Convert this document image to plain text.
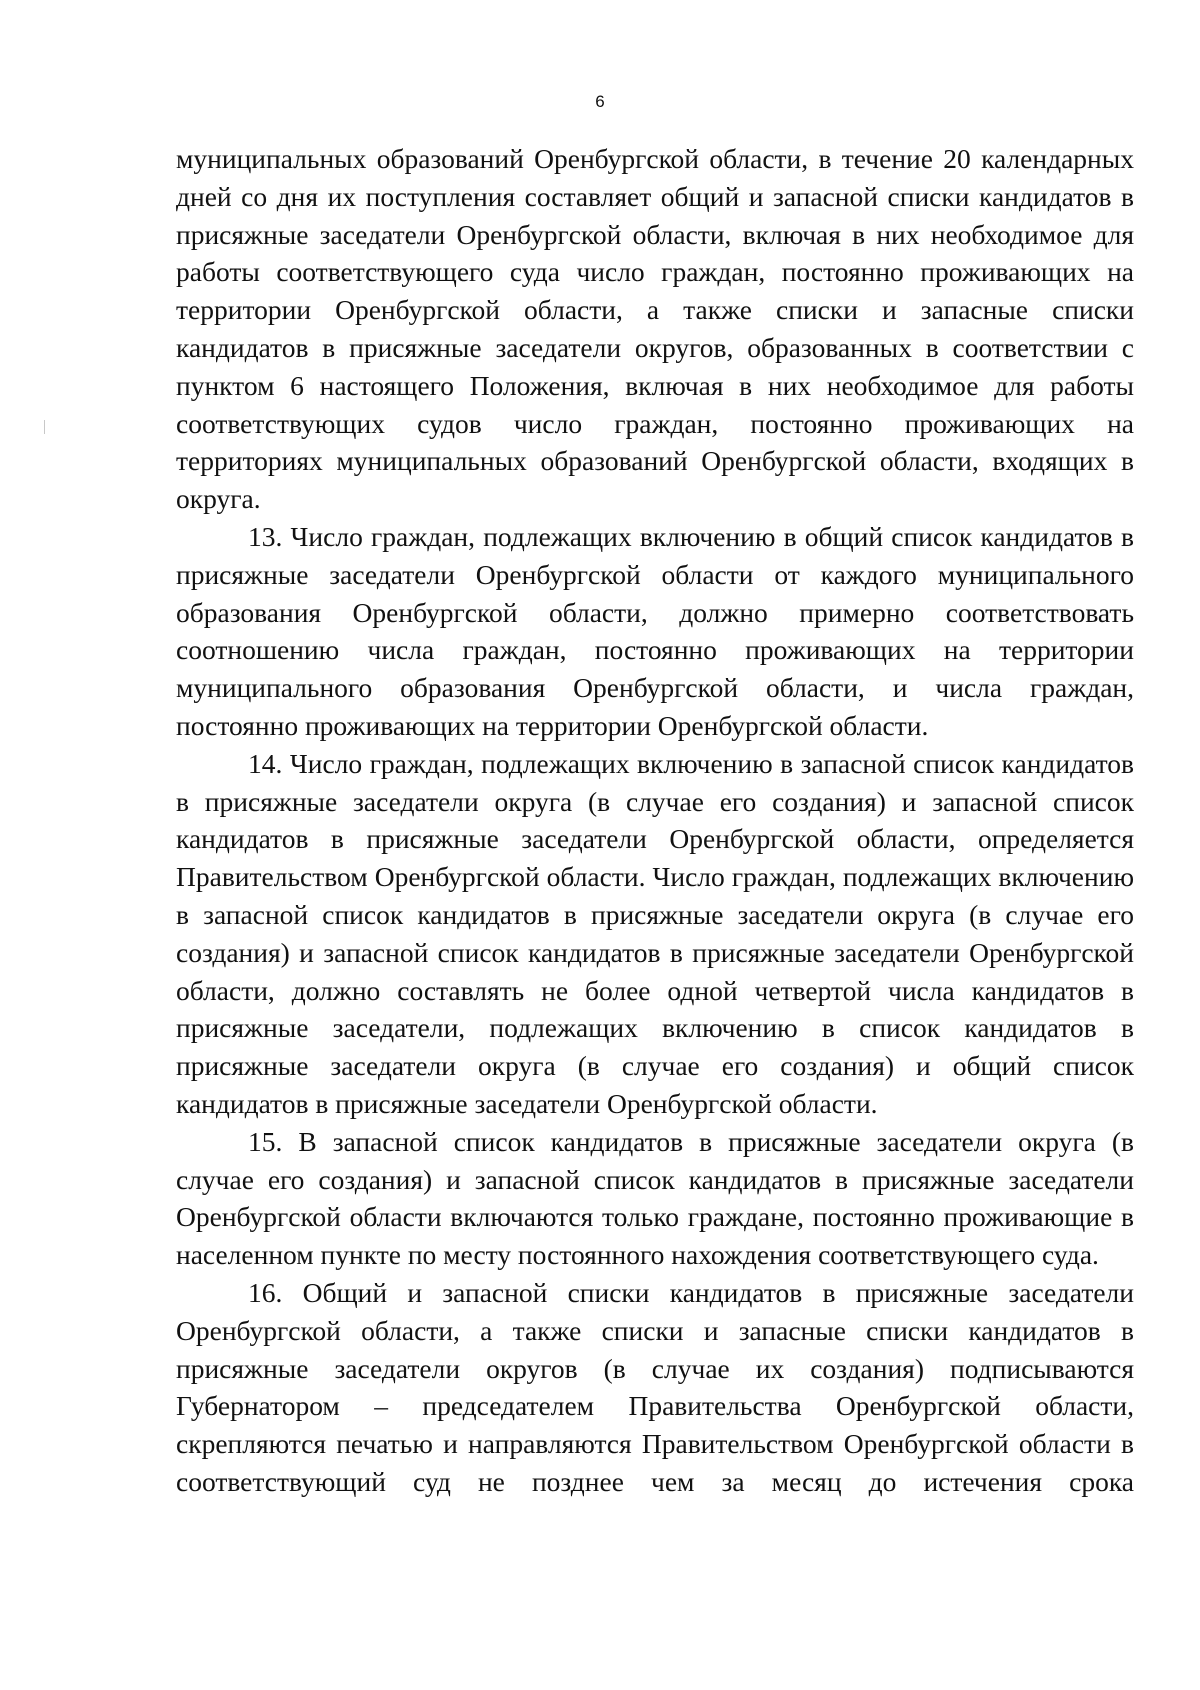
6

муниципальных образований Оренбургской области, в течение 20 календарных дней со дня их поступления составляет общий и запасной списки кандидатов в присяжные заседатели Оренбургской области, включая в них необходимое для работы соответствующего суда число граждан, постоянно проживающих на территории Оренбургской области, а также списки и запасные списки кандидатов в присяжные заседатели округов, образованных в соответствии с пунктом 6 настоящего Положения, включая в них необходимое для работы соответствующих судов число граждан, постоянно проживающих на территориях муниципальных образований Оренбургской области, входящих в округа.

13. Число граждан, подлежащих включению в общий список кандидатов в присяжные заседатели Оренбургской области от каждого муниципального образования Оренбургской области, должно примерно соответствовать соотношению числа граждан, постоянно проживающих на территории муниципального образования Оренбургской области, и числа граждан, постоянно проживающих на территории Оренбургской области.

14. Число граждан, подлежащих включению в запасной список кандидатов в присяжные заседатели округа (в случае его создания) и запасной список кандидатов в присяжные заседатели Оренбургской области, определяется Правительством Оренбургской области. Число граждан, подлежащих включению в запасной список кандидатов в присяжные заседатели округа (в случае его создания) и запасной список кандидатов в присяжные заседатели Оренбургской области, должно составлять не более одной четвертой числа кандидатов в присяжные заседатели, подлежащих включению в список кандидатов в присяжные заседатели округа (в случае его создания) и общий список кандидатов в присяжные заседатели Оренбургской области.

15. В запасной список кандидатов в присяжные заседатели округа (в случае его создания) и запасной список кандидатов в присяжные заседатели Оренбургской области включаются только граждане, постоянно проживающие в населенном пункте по месту постоянного нахождения соответствующего суда.

16. Общий и запасной списки кандидатов в присяжные заседатели Оренбургской области, а также списки и запасные списки кандидатов в присяжные заседатели округов (в случае их создания) подписываются Губернатором – председателем Правительства Оренбургской области, скрепляются печатью и направляются Правительством Оренбургской области в соответствующий суд не позднее чем за месяц до истечения срока
